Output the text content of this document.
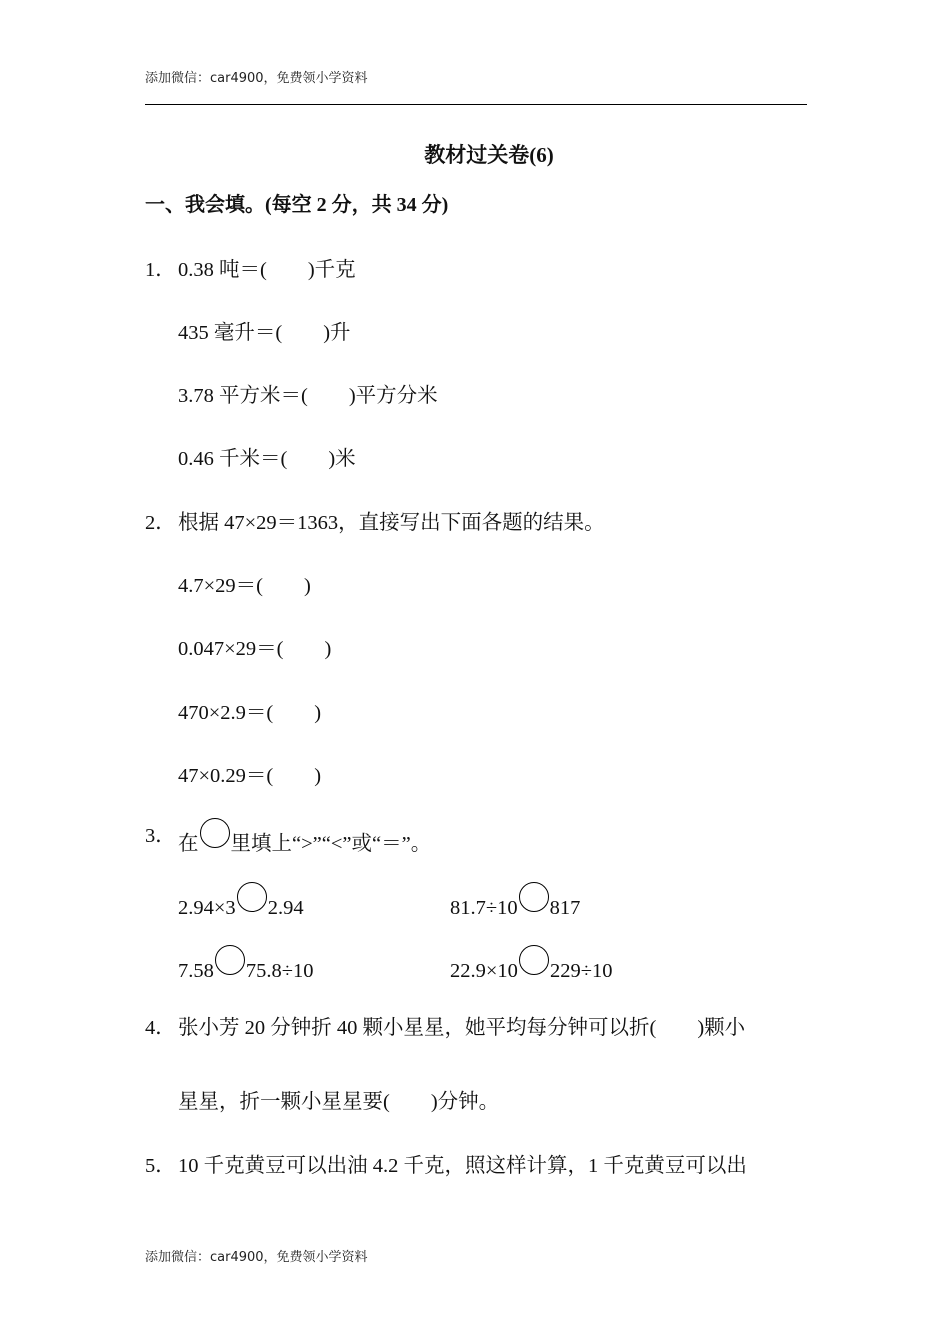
添加微信：car4900，免费领小学资料
教材过关卷(6)
一、我会填。(每空 2 分，共 34 分)
1． 0.38 吨＝(　　)千克
435 毫升＝(　　)升
3.78 平方米＝(　　)平方分米
0.46 千米＝(　　)米
2． 根据 47×29＝1363，直接写出下面各题的结果。
4.7×29＝(　　)
0.047×29＝(　　)
470×2.9＝(　　)
47×0.29＝(　　)
3． 在 里填上“>”“<”或“＝”。
2.94×3 2.94	81.7÷10 817
7.58 75.8÷10	22.9×10 229÷10
4． 张小芳 20 分钟折 40 颗小星星，她平均每分钟可以折(　　)颗小
星星，折一颗小星星要(　　)分钟。
5． 10 千克黄豆可以出油 4.2 千克，照这样计算，1 千克黄豆可以出
添加微信：car4900，免费领小学资料
